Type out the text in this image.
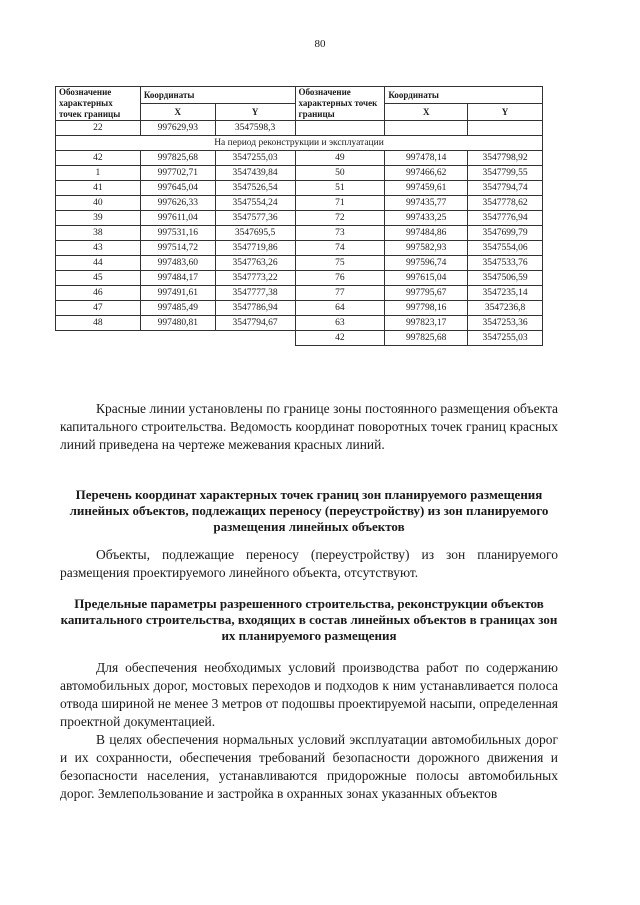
80
Обозначение характерных точек границы	Координаты		Обозначение характерных точек границы	Координаты	
	X	Y		X	Y
22	997629,93	3547598,3			
На период реконструкции и эксплуатации					
42	997825,68	3547255,03	49	997478,14	3547798,92
1	997702,71	3547439,84	50	997466,62	3547799,55
41	997645,04	3547526,54	51	997459,61	3547794,74
40	997626,33	3547554,24	71	997435,77	3547778,62
39	997611,04	3547577,36	72	997433,25	3547776,94
38	997531,16	3547695,5	73	997484,86	3547699,79
43	997514,72	3547719,86	74	997582,93	3547554,06
44	997483,60	3547763,26	75	997596,74	3547533,76
45	997484,17	3547773,22	76	997615,04	3547506,59
46	997491,61	3547777,38	77	997795,67	3547235,14
47	997485,49	3547786,94	64	997798,16	3547236,8
48	997480,81	3547794,67	63	997823,17	3547253,36
			42	997825,68	3547255,03
Красные линии установлены по границе зоны постоянного размещения объекта капитального строительства. Ведомость координат поворотных точек границ красных линий приведена на чертеже межевания красных линий.
Перечень координат характерных точек границ зон планируемого размещения линейных объектов, подлежащих переносу (переустройству) из зон планируемого размещения линейных объектов
Объекты, подлежащие переносу (переустройству) из зон планируемого размещения проектируемого линейного объекта, отсутствуют.
Предельные параметры разрешенного строительства, реконструкции объектов капитального строительства, входящих в состав линейных объектов в границах зон их планируемого размещения
Для обеспечения необходимых условий производства работ по содержанию автомобильных дорог, мостовых переходов и подходов к ним устанавливается полоса отвода шириной не менее 3 метров от подошвы проектируемой насыпи, определенная проектной документацией.
В целях обеспечения нормальных условий эксплуатации автомобильных дорог и их сохранности, обеспечения требований безопасности дорожного движения и безопасности населения, устанавливаются придорожные полосы автомобильных дорог. Землепользование и застройка в охранных зонах указанных объектов
